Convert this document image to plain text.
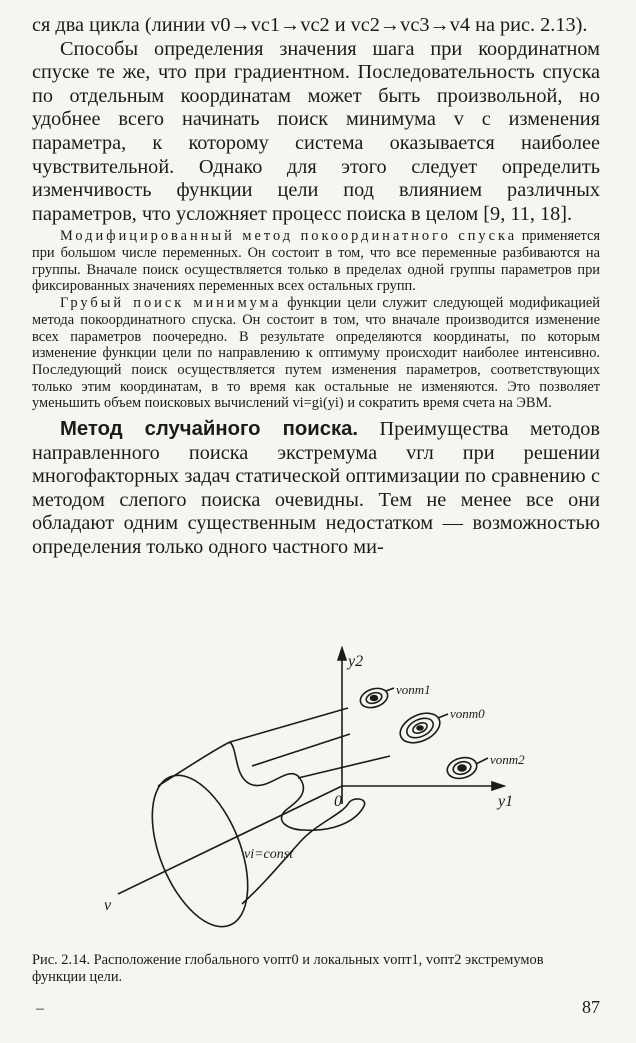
ся два цикла (линии v0→vc1→vc2 и vc2→vc3→v4 на рис. 2.13).

Способы определения значения шага при координатном спуске те же, что при градиентном. Последовательность спуска по отдельным координатам может быть произвольной, но удобнее всего начинать поиск минимума v с изменения параметра, к которому система оказывается наиболее чувствительной. Однако для этого следует определить изменчивость функции цели под влиянием различных параметров, что усложняет процесс поиска в целом [9, 11, 18].

Модифицированный метод покоординатного спуска применяется при большом числе переменных. Он состоит в том, что все переменные разбиваются на группы. Вначале поиск осуществляется только в пределах одной группы параметров при фиксированных значениях переменных всех остальных групп.

Грубый поиск минимума функции цели служит следующей модификацией метода покоординатного спуска. Он состоит в том, что вначале производится изменение всех параметров поочередно. В результате определяются координаты, по которым изменение функции цели по направлению к оптимуму происходит наиболее интенсивно. Последующий поиск осуществляется путем изменения параметров, соответствующих только этим координатам, в то время как остальные не изменяются. Это позволяет уменьшить объем поисковых вычислений vi=gi(yi) и сократить время счета на ЭВМ.

Метод случайного поиска. Преимущества методов направленного поиска экстремума vгл при решении многофакторных задач статической оптимизации по сравнению с методом слепого поиска очевидны. Тем не менее все они обладают одним существенным недостатком — возможностью определения только одного частного ми-

y2
y1
0
v
vопт1
vопт0
vопт2
vi=const
Рис. 2.14. Расположение глобального vопт0 и локальных vопт1, vопт2 экстремумов функции цели.
–	87
